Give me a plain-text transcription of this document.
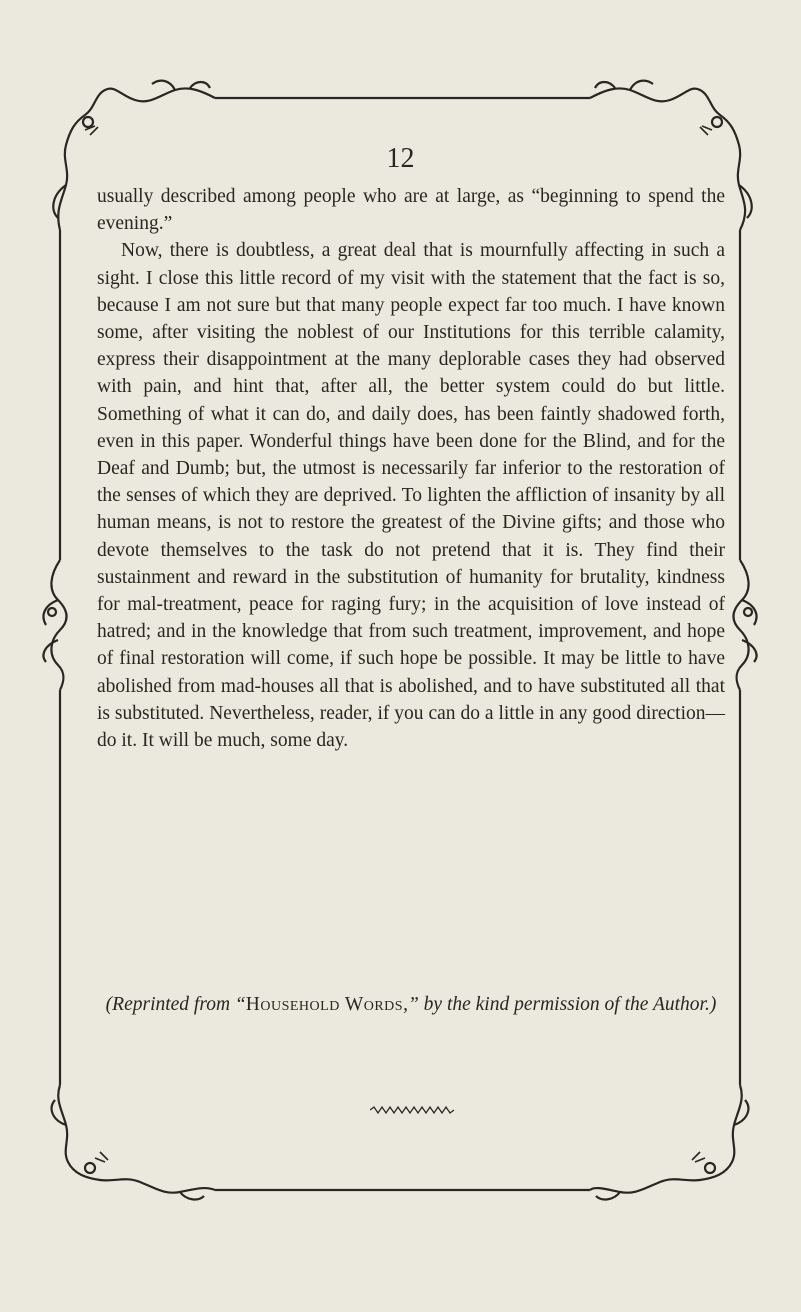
12

usually described among people who are at large, as “beginning to spend the evening.”

Now, there is doubtless, a great deal that is mournfully affecting in such a sight. I close this little record of my visit with the statement that the fact is so, because I am not sure but that many people expect far too much. I have known some, after visiting the noblest of our Institutions for this terrible calamity, express their disappointment at the many deplorable cases they had observed with pain, and hint that, after all, the better system could do but little. Something of what it can do, and daily does, has been faintly shadowed forth, even in this paper. Wonderful things have been done for the Blind, and for the Deaf and Dumb; but, the utmost is necessarily far inferior to the restoration of the senses of which they are deprived. To lighten the affliction of insanity by all human means, is not to restore the greatest of the Divine gifts; and those who devote themselves to the task do not pretend that it is. They find their sustainment and reward in the substitution of humanity for brutality, kindness for mal-treatment, peace for raging fury; in the acquisition of love instead of hatred; and in the knowledge that from such treatment, improvement, and hope of final restoration will come, if such hope be possible. It may be little to have abolished from mad-houses all that is abolished, and to have substituted all that is substituted. Nevertheless, reader, if you can do a little in any good direction—do it. It will be much, some day.

(Reprinted from “Household Words,” by the kind permission of the Author.)
